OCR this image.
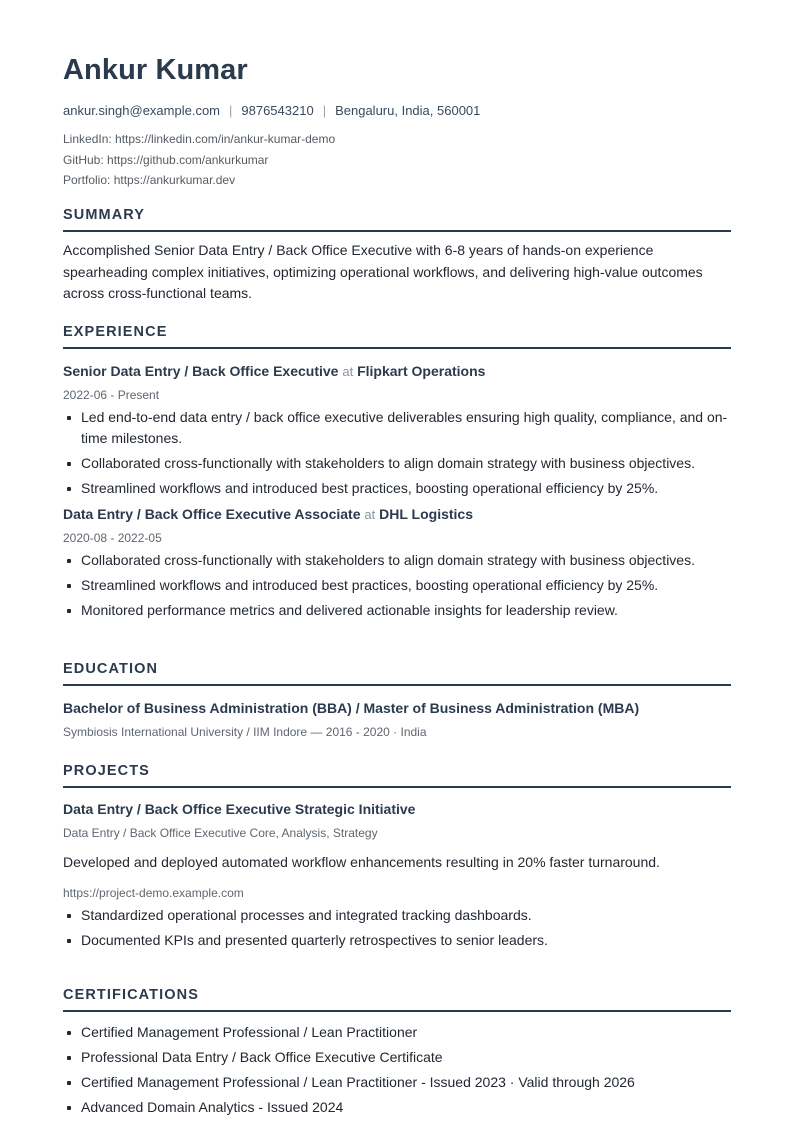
Ankur Kumar
ankur.singh@example.com | 9876543210 | Bengaluru, India, 560001
LinkedIn: https://linkedin.com/in/ankur-kumar-demo
GitHub: https://github.com/ankurkumar
Portfolio: https://ankurkumar.dev
SUMMARY
Accomplished Senior Data Entry / Back Office Executive with 6-8 years of hands-on experience spearheading complex initiatives, optimizing operational workflows, and delivering high-value outcomes across cross-functional teams.
EXPERIENCE
Senior Data Entry / Back Office Executive at Flipkart Operations
2022-06 - Present
Led end-to-end data entry / back office executive deliverables ensuring high quality, compliance, and on-time milestones.
Collaborated cross-functionally with stakeholders to align domain strategy with business objectives.
Streamlined workflows and introduced best practices, boosting operational efficiency by 25%.
Data Entry / Back Office Executive Associate at DHL Logistics
2020-08 - 2022-05
Collaborated cross-functionally with stakeholders to align domain strategy with business objectives.
Streamlined workflows and introduced best practices, boosting operational efficiency by 25%.
Monitored performance metrics and delivered actionable insights for leadership review.
EDUCATION
Bachelor of Business Administration (BBA) / Master of Business Administration (MBA)
Symbiosis International University / IIM Indore — 2016 - 2020 · India
PROJECTS
Data Entry / Back Office Executive Strategic Initiative
Data Entry / Back Office Executive Core, Analysis, Strategy
Developed and deployed automated workflow enhancements resulting in 20% faster turnaround.
https://project-demo.example.com
Standardized operational processes and integrated tracking dashboards.
Documented KPIs and presented quarterly retrospectives to senior leaders.
CERTIFICATIONS
Certified Management Professional / Lean Practitioner
Professional Data Entry / Back Office Executive Certificate
Certified Management Professional / Lean Practitioner - Issued 2023 · Valid through 2026
Advanced Domain Analytics - Issued 2024
